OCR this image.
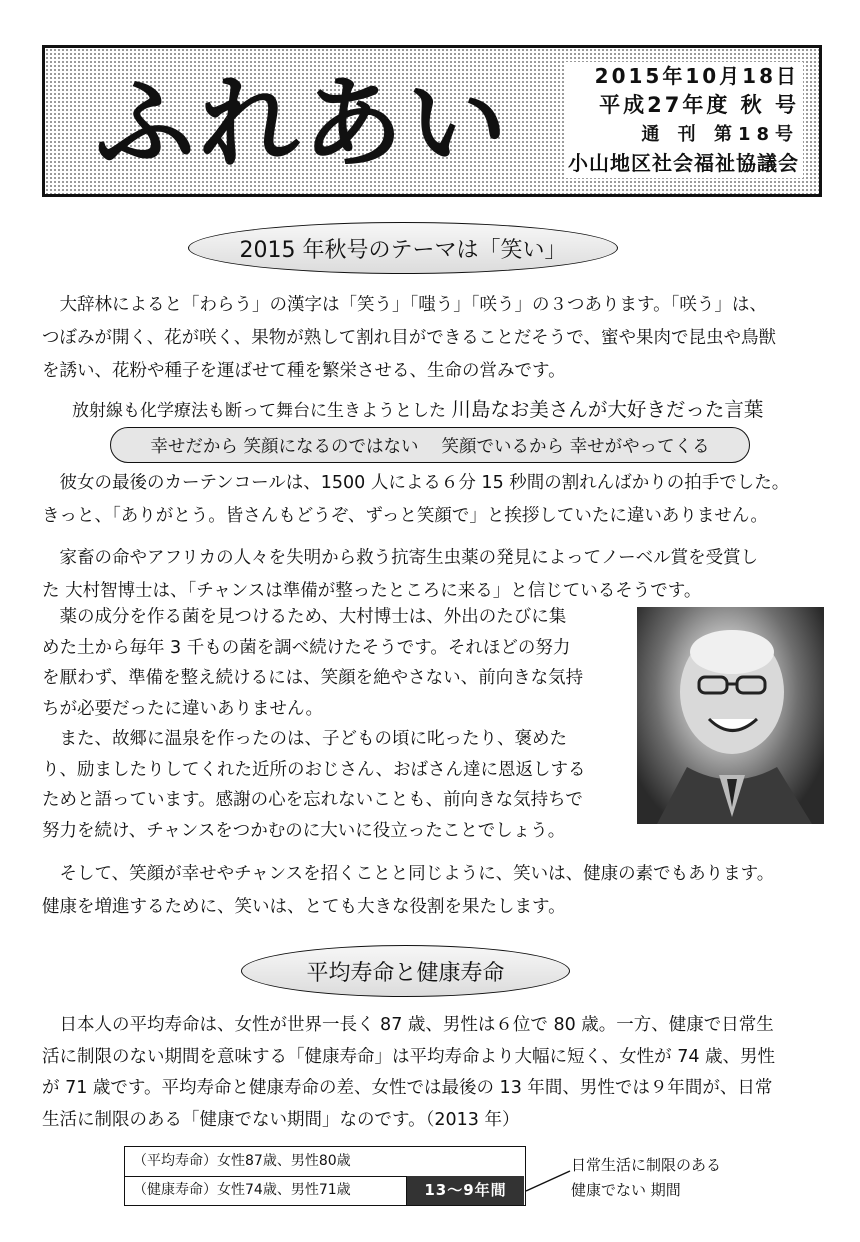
ふれあい	2015年10月18日
平成27年度 秋 号
通 刊 第18号
小山地区社会福祉協議会
2015 年秋号のテーマは「笑い」
　大辞林によると「わらう」の漢字は「笑う」「嗤う」「咲う」の３つあります。「咲う」は、
つぼみが開く、花が咲く、果物が熟して割れ目ができることだそうで、蜜や果肉で昆虫や鳥獣
を誘い、花粉や種子を運ばせて種を繁栄させる、生命の営みです。
放射線も化学療法も断って舞台に生きようとした 川島なお美さんが大好きだった言葉
幸せだから 笑顔になるのではない　 笑顔でいるから 幸せがやってくる
　彼女の最後のカーテンコールは、1500 人による６分 15 秒間の割れんばかりの拍手でした。
きっと、「ありがとう。皆さんもどうぞ、ずっと笑顔で」と挨拶していたに違いありません。
　家畜の命やアフリカの人々を失明から救う抗寄生虫薬の発見によってノーベル賞を受賞し
た 大村智博士は、「チャンスは準備が整ったところに来る」と信じているそうです。
　薬の成分を作る菌を見つけるため、大村博士は、外出のたびに集
めた土から毎年 3 千もの菌を調べ続けたそうです。それほどの努力
を厭わず、準備を整え続けるには、笑顔を絶やさない、前向きな気持
ちが必要だったに違いありません。
　また、故郷に温泉を作ったのは、子どもの頃に叱ったり、褒めた
り、励ましたりしてくれた近所のおじさん、おばさん達に恩返しする
ためと語っています。感謝の心を忘れないことも、前向きな気持ちで
努力を続け、チャンスをつかむのに大いに役立ったことでしょう。
　そして、笑顔が幸せやチャンスを招くことと同じように、笑いは、健康の素でもあります。
健康を増進するために、笑いは、とても大きな役割を果たします。
平均寿命と健康寿命
　日本人の平均寿命は、女性が世界一長く 87 歳、男性は６位で 80 歳。一方、健康で日常生
活に制限のない期間を意味する「健康寿命」は平均寿命より大幅に短く、女性が 74 歳、男性
が 71 歳です。平均寿命と健康寿命の差、女性では最後の 13 年間、男性では９年間が、日常
生活に制限のある「健康でない期間」なのです。（2013 年）
（平均寿命）女性87歳、男性80歳
（健康寿命）女性74歳、男性71歳	13～9年間
日常生活に制限のある
健康でない 期間
